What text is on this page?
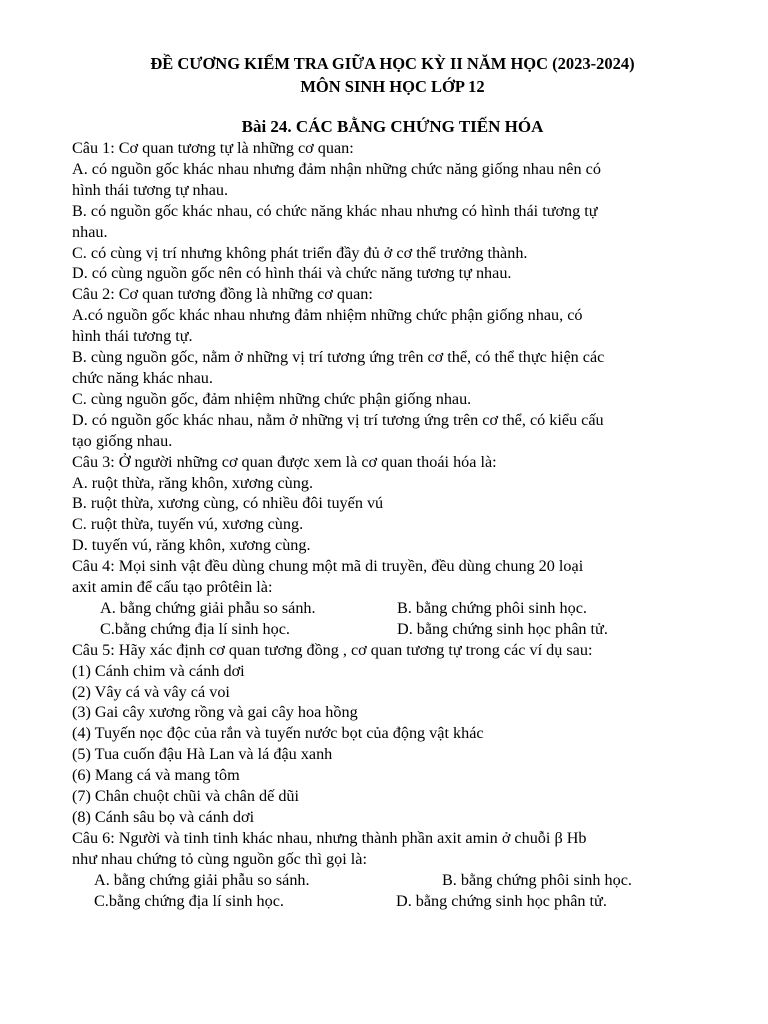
ĐỀ CƯƠNG KIỂM TRA GIỮA HỌC KỲ II NĂM HỌC (2023-2024)
MÔN SINH HỌC LỚP 12
Bài 24. CÁC BẰNG CHỨNG TIẾN HÓA
Câu 1: Cơ quan tương tự là những cơ quan:
A. có nguồn gốc khác nhau nhưng đảm nhận những chức năng giống nhau nên có
hình thái tương tự nhau.
B. có nguồn gốc khác nhau, có chức năng khác nhau nhưng có hình thái tương tự
nhau.
C. có cùng vị trí nhưng không phát triển đầy đủ ở cơ thể trưởng thành.
D. có cùng nguồn gốc nên có hình thái và chức năng tương tự nhau.
Câu 2: Cơ quan tương đồng là những cơ quan:
A.có nguồn gốc khác nhau nhưng đảm nhiệm những chức phận giống nhau, có
hình thái tương tự.
B. cùng nguồn gốc, nằm ở những vị trí tương ứng trên cơ thể, có thể thực hiện các
chức năng khác nhau.
C. cùng nguồn gốc, đảm nhiệm những chức phận giống nhau.
D. có nguồn gốc khác nhau, nằm ở những vị trí tương ứng trên cơ thể, có kiểu cấu
tạo giống nhau.
Câu 3: Ở người những cơ quan được xem là cơ quan thoái hóa là:
A. ruột thừa, răng khôn, xương cùng.
B. ruột thừa, xương cùng, có nhiều đôi tuyến vú
C. ruột thừa, tuyến vú, xương cùng.
D. tuyến vú, răng khôn, xương cùng.
Câu 4: Mọi sinh vật đều dùng chung một mã di truyền, đều dùng chung 20 loại
axit amin để cấu tạo prôtêin là:
A. bằng chứng giải phẫu so sánh.	B. bằng chứng phôi sinh học.
C.bằng chứng địa lí sinh học.	D. bằng chứng sinh học phân tử.
Câu 5: Hãy xác định cơ quan tương đồng , cơ quan tương tự trong các ví dụ sau:
(1) Cánh chim và cánh dơi
(2) Vây cá và vây cá voi
(3) Gai cây xương rồng và gai cây hoa hồng
(4) Tuyến nọc độc của rắn và tuyến nước bọt của động vật khác
(5) Tua cuốn đậu Hà Lan và lá đậu xanh
(6) Mang cá và mang tôm
(7) Chân chuột chũi và chân dế dũi
(8) Cánh sâu bọ và cánh dơi
Câu 6: Người và tinh tinh khác nhau, nhưng thành phần axit amin ở chuỗi β Hb
như nhau chứng tỏ cùng nguồn gốc thì gọi là:
A. bằng chứng giải phẫu so sánh.	B. bằng chứng phôi sinh học.
C.bằng chứng địa lí sinh học.	D. bằng chứng sinh học phân tử.
